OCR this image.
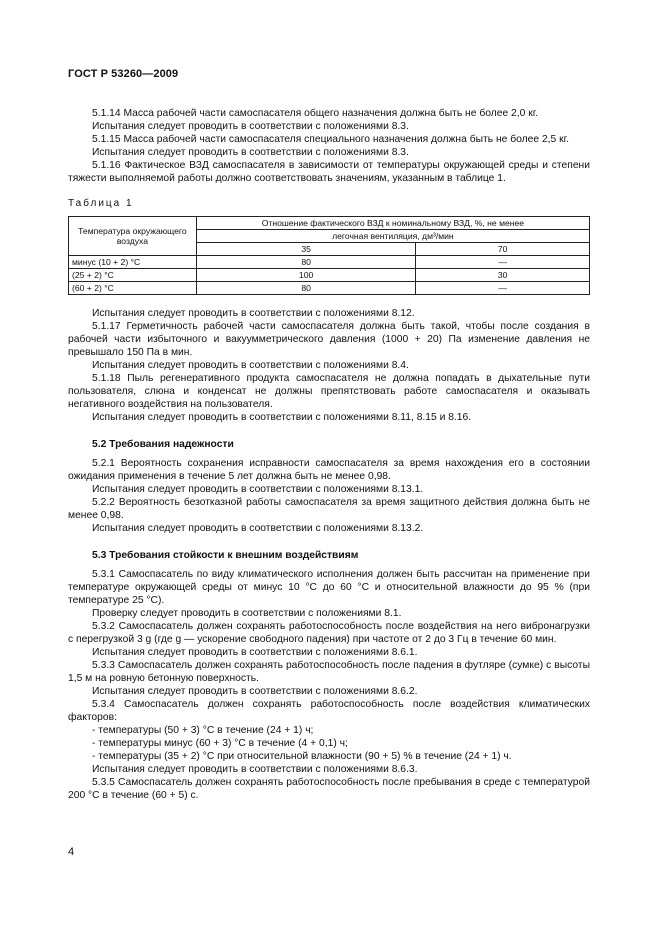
ГОСТ Р 53260—2009

5.1.14 Масса рабочей части самоспасателя общего назначения должна быть не более 2,0 кг.

Испытания следует проводить в соответствии с положениями 8.3.

5.1.15 Масса рабочей части самоспасателя специального назначения должна быть не более 2,5 кг.

Испытания следует проводить в соответствии с положениями 8.3.

5.1.16 Фактическое ВЗД самоспасателя в зависимости от температуры окружающей среды и степени тяжести выполняемой работы должно соответствовать значениям, указанным в таблице 1.

Таблица 1
Температура окружающего воздуха	Отношение фактического ВЗД к номинальному ВЗД, %, не менее	
	легочная вентиляция, дм³/мин	
	35	70
минус (10 + 2) °С	80	—
(25 + 2) °С	100	30
(60 + 2) °С	80	—

Испытания следует проводить в соответствии с положениями 8.12.

5.1.17 Герметичность рабочей части самоспасателя должна быть такой, чтобы после создания в рабочей части избыточного и вакуумметрического давления (1000 + 20) Па изменение давления не превышало 150 Па в мин.

Испытания следует проводить в соответствии с положениями 8.4.

5.1.18 Пыль регенеративного продукта самоспасателя не должна попадать в дыхательные пути пользователя, слюна и конденсат не должны препятствовать работе самоспасателя и оказывать негативного воздействия на пользователя.

Испытания следует проводить в соответствии с положениями 8.11, 8.15 и 8.16.

5.2 Требования надежности

5.2.1 Вероятность сохранения исправности самоспасателя за время нахождения его в состоянии ожидания применения в течение 5 лет должна быть не менее 0,98.

Испытания следует проводить в соответствии с положениями 8.13.1.

5.2.2 Вероятность безотказной работы самоспасателя за время защитного действия должна быть не менее 0,98.

Испытания следует проводить в соответствии с положениями 8.13.2.

5.3 Требования стойкости к внешним воздействиям

5.3.1 Самоспасатель по виду климатического исполнения должен быть рассчитан на применение при температуре окружающей среды от минус 10 °С до 60 °С и относительной влажности до 95 % (при температуре 25 °С).

Проверку следует проводить в соответствии с положениями 8.1.

5.3.2 Самоспасатель должен сохранять работоспособность после воздействия на него вибронагрузки с перегрузкой 3 g (где g — ускорение свободного падения) при частоте от 2 до 3 Гц в течение 60 мин.

Испытания следует проводить в соответствии с положениями 8.6.1.

5.3.3 Самоспасатель должен сохранять работоспособность после падения в футляре (сумке) с высоты 1,5 м на ровную бетонную поверхность.

Испытания следует проводить в соответствии с положениями 8.6.2.

5.3.4 Самоспасатель должен сохранять работоспособность после воздействия климатических факторов:

- температуры (50 + 3) °С в течение (24 + 1) ч;

- температуры минус (60 + 3) °С в течение (4 + 0,1) ч;

- температуры (35 + 2) °С при относительной влажности (90 + 5) % в течение (24 + 1) ч.

Испытания следует проводить в соответствии с положениями 8.6.3.

5.3.5 Самоспасатель должен сохранять работоспособность после пребывания в среде с температурой 200 °С в течение (60 + 5) с.

4
